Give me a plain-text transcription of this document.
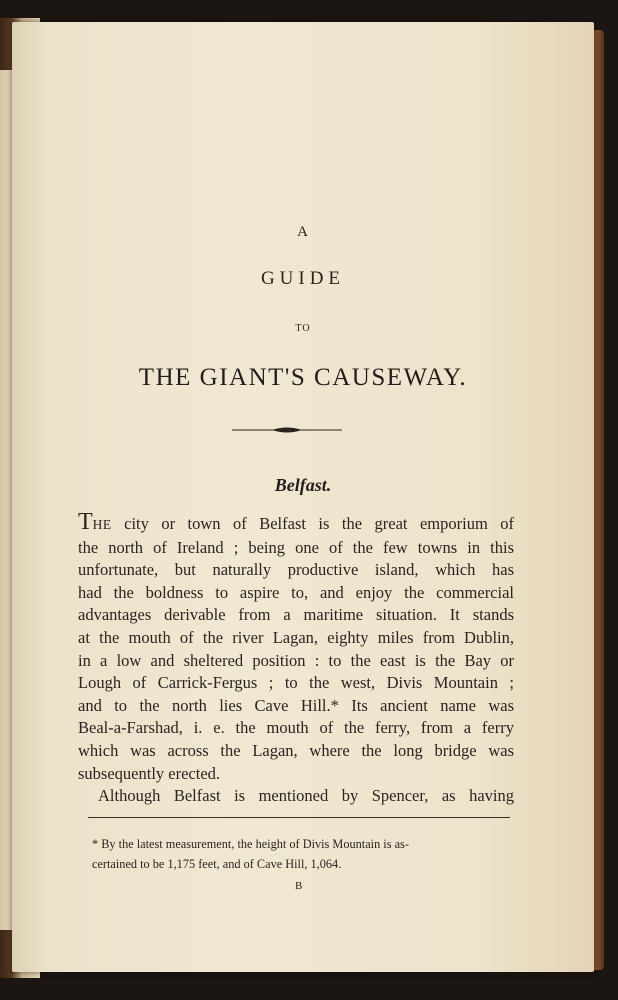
A
GUIDE
TO
THE GIANT'S CAUSEWAY.
Belfast.
THE city or town of Belfast is the great emporium of
the north of Ireland ; being one of the few towns in this
unfortunate, but naturally productive island, which has
had the boldness to aspire to, and enjoy the commercial
advantages derivable from a maritime situation. It stands
at the mouth of the river Lagan, eighty miles from Dublin,
in a low and sheltered position : to the east is the Bay or
Lough of Carrick-Fergus ; to the west, Divis Mountain ;
and to the north lies Cave Hill.* Its ancient name was
Beal-a-Farshad, i. e. the mouth of the ferry, from a ferry
which was across the Lagan, where the long bridge was
subsequently erected.
Although Belfast is mentioned by Spencer, as having
* By the latest measurement, the height of Divis Mountain is as-
certained to be 1,175 feet, and of Cave Hill, 1,064.
B
